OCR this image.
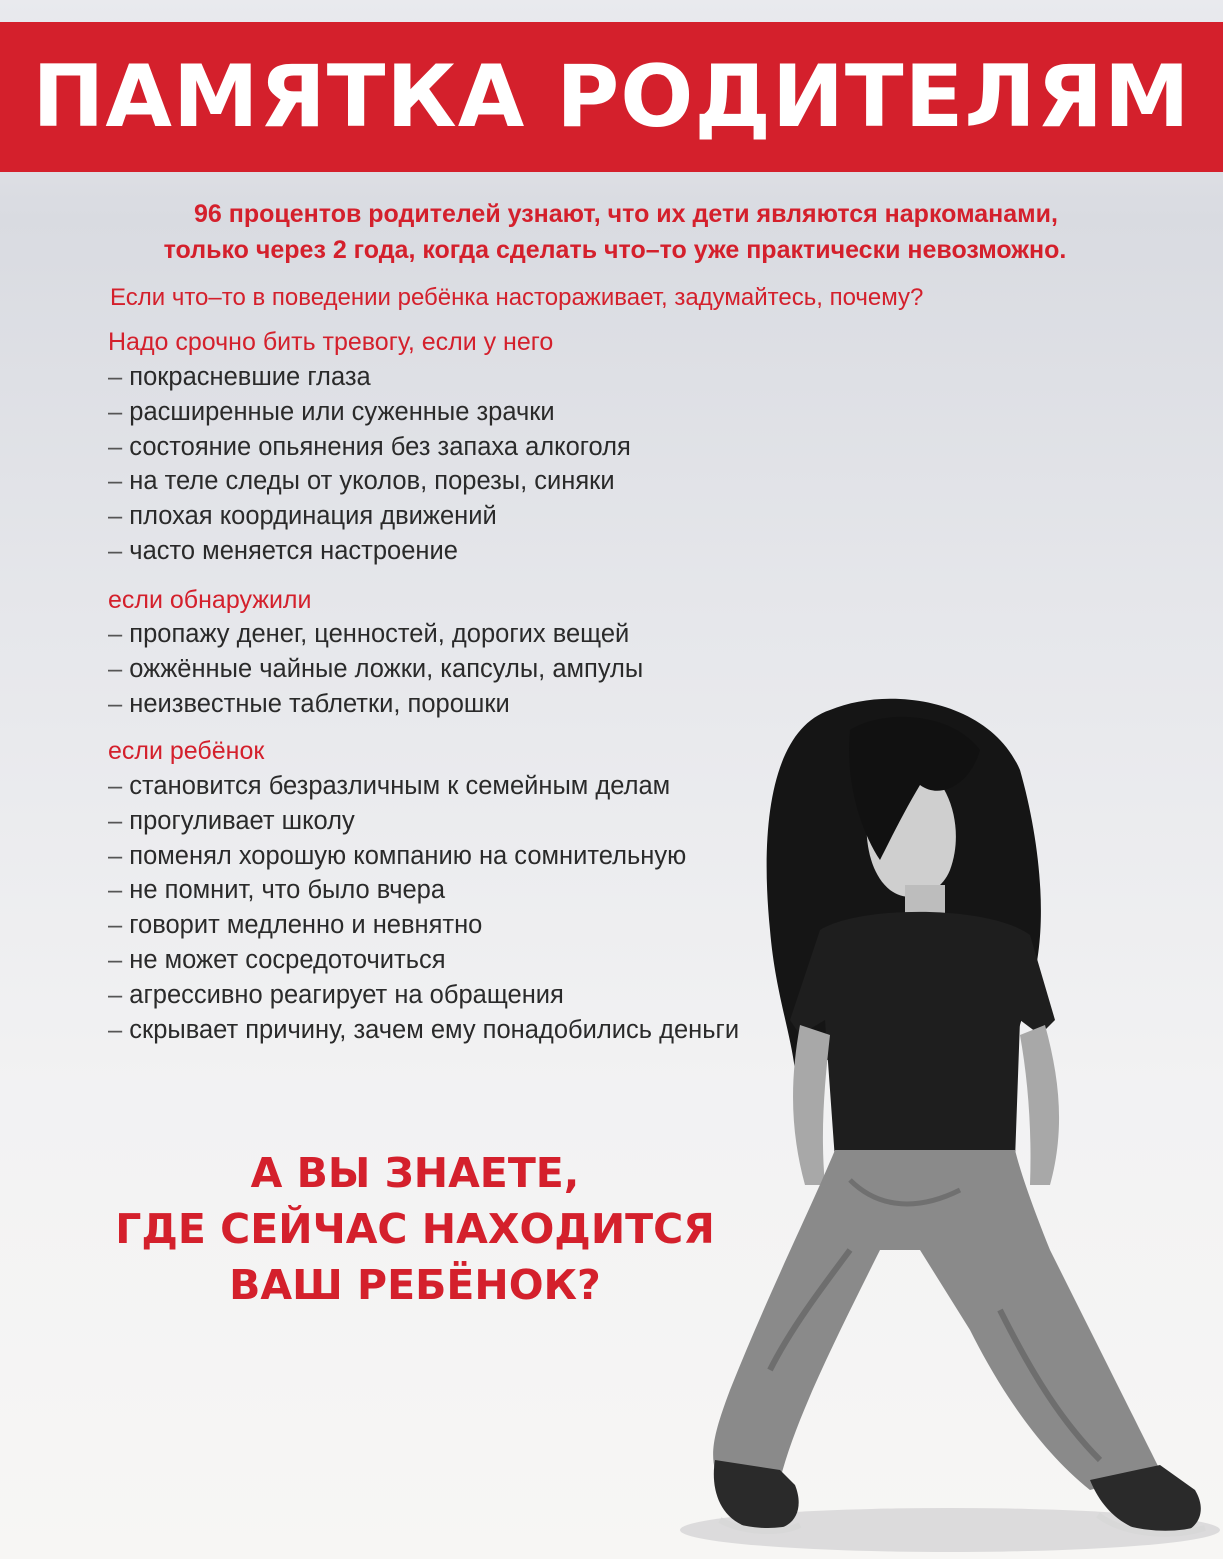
ПАМЯТКА РОДИТЕЛЯМ
96 процентов родителей узнают, что их дети являются наркоманами,
только через 2 года, когда сделать что–то уже практически невозможно.
Если что–то в поведении ребёнка настораживает, задумайтесь, почему?
Надо срочно бить тревогу, если у него
– покрасневшие глаза
– расширенные или суженные зрачки
– состояние опьянения без запаха алкоголя
– на теле следы от уколов, порезы, синяки
– плохая координация движений
– часто меняется настроение
если обнаружили
– пропажу денег, ценностей, дорогих вещей
– ожжённые чайные ложки, капсулы, ампулы
– неизвестные таблетки, порошки
если ребёнок
– становится безразличным к семейным делам
– прогуливает школу
– поменял хорошую компанию на сомнительную
– не помнит, что было вчера
– говорит медленно и невнятно
– не может сосредоточиться
– агрессивно реагирует на обращения
– скрывает причину, зачем ему понадобились деньги
А ВЫ ЗНАЕТЕ,
ГДЕ СЕЙЧАС НАХОДИТСЯ
ВАШ РЕБЁНОК?
